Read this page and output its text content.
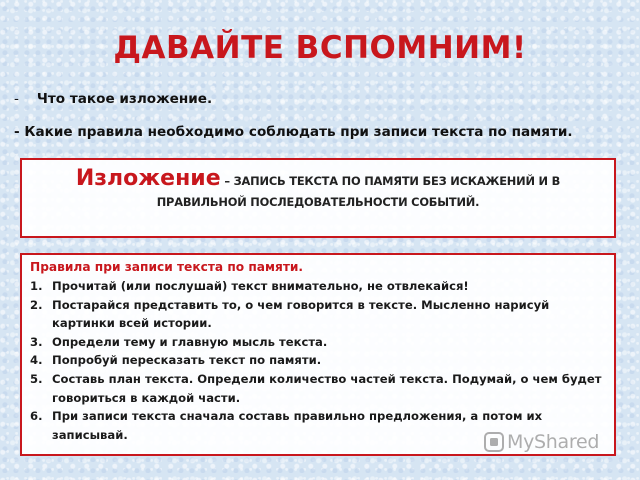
ДАВАЙТЕ ВСПОМНИМ!
- Что такое изложение.
- Какие правила необходимо соблюдать при записи текста по памяти.
Изложение – ЗАПИСЬ ТЕКСТА ПО ПАМЯТИ БЕЗ ИСКАЖЕНИЙ И В
ПРАВИЛЬНОЙ ПОСЛЕДОВАТЕЛЬНОСТИ СОБЫТИЙ.
Правила при записи текста по памяти.
1. Прочитай (или послушай) текст внимательно, не отвлекайся!
2. Постарайся представить то, о чем говорится в тексте. Мысленно нарисуй картинки всей истории.
3. Определи тему и главную мысль текста.
4. Попробуй пересказать текст по памяти.
5. Составь план текста. Определи количество частей текста. Подумай, о чем будет говориться в каждой части.
6. При записи текста сначала составь правильно предложения, а потом их записывай.	MyShared
